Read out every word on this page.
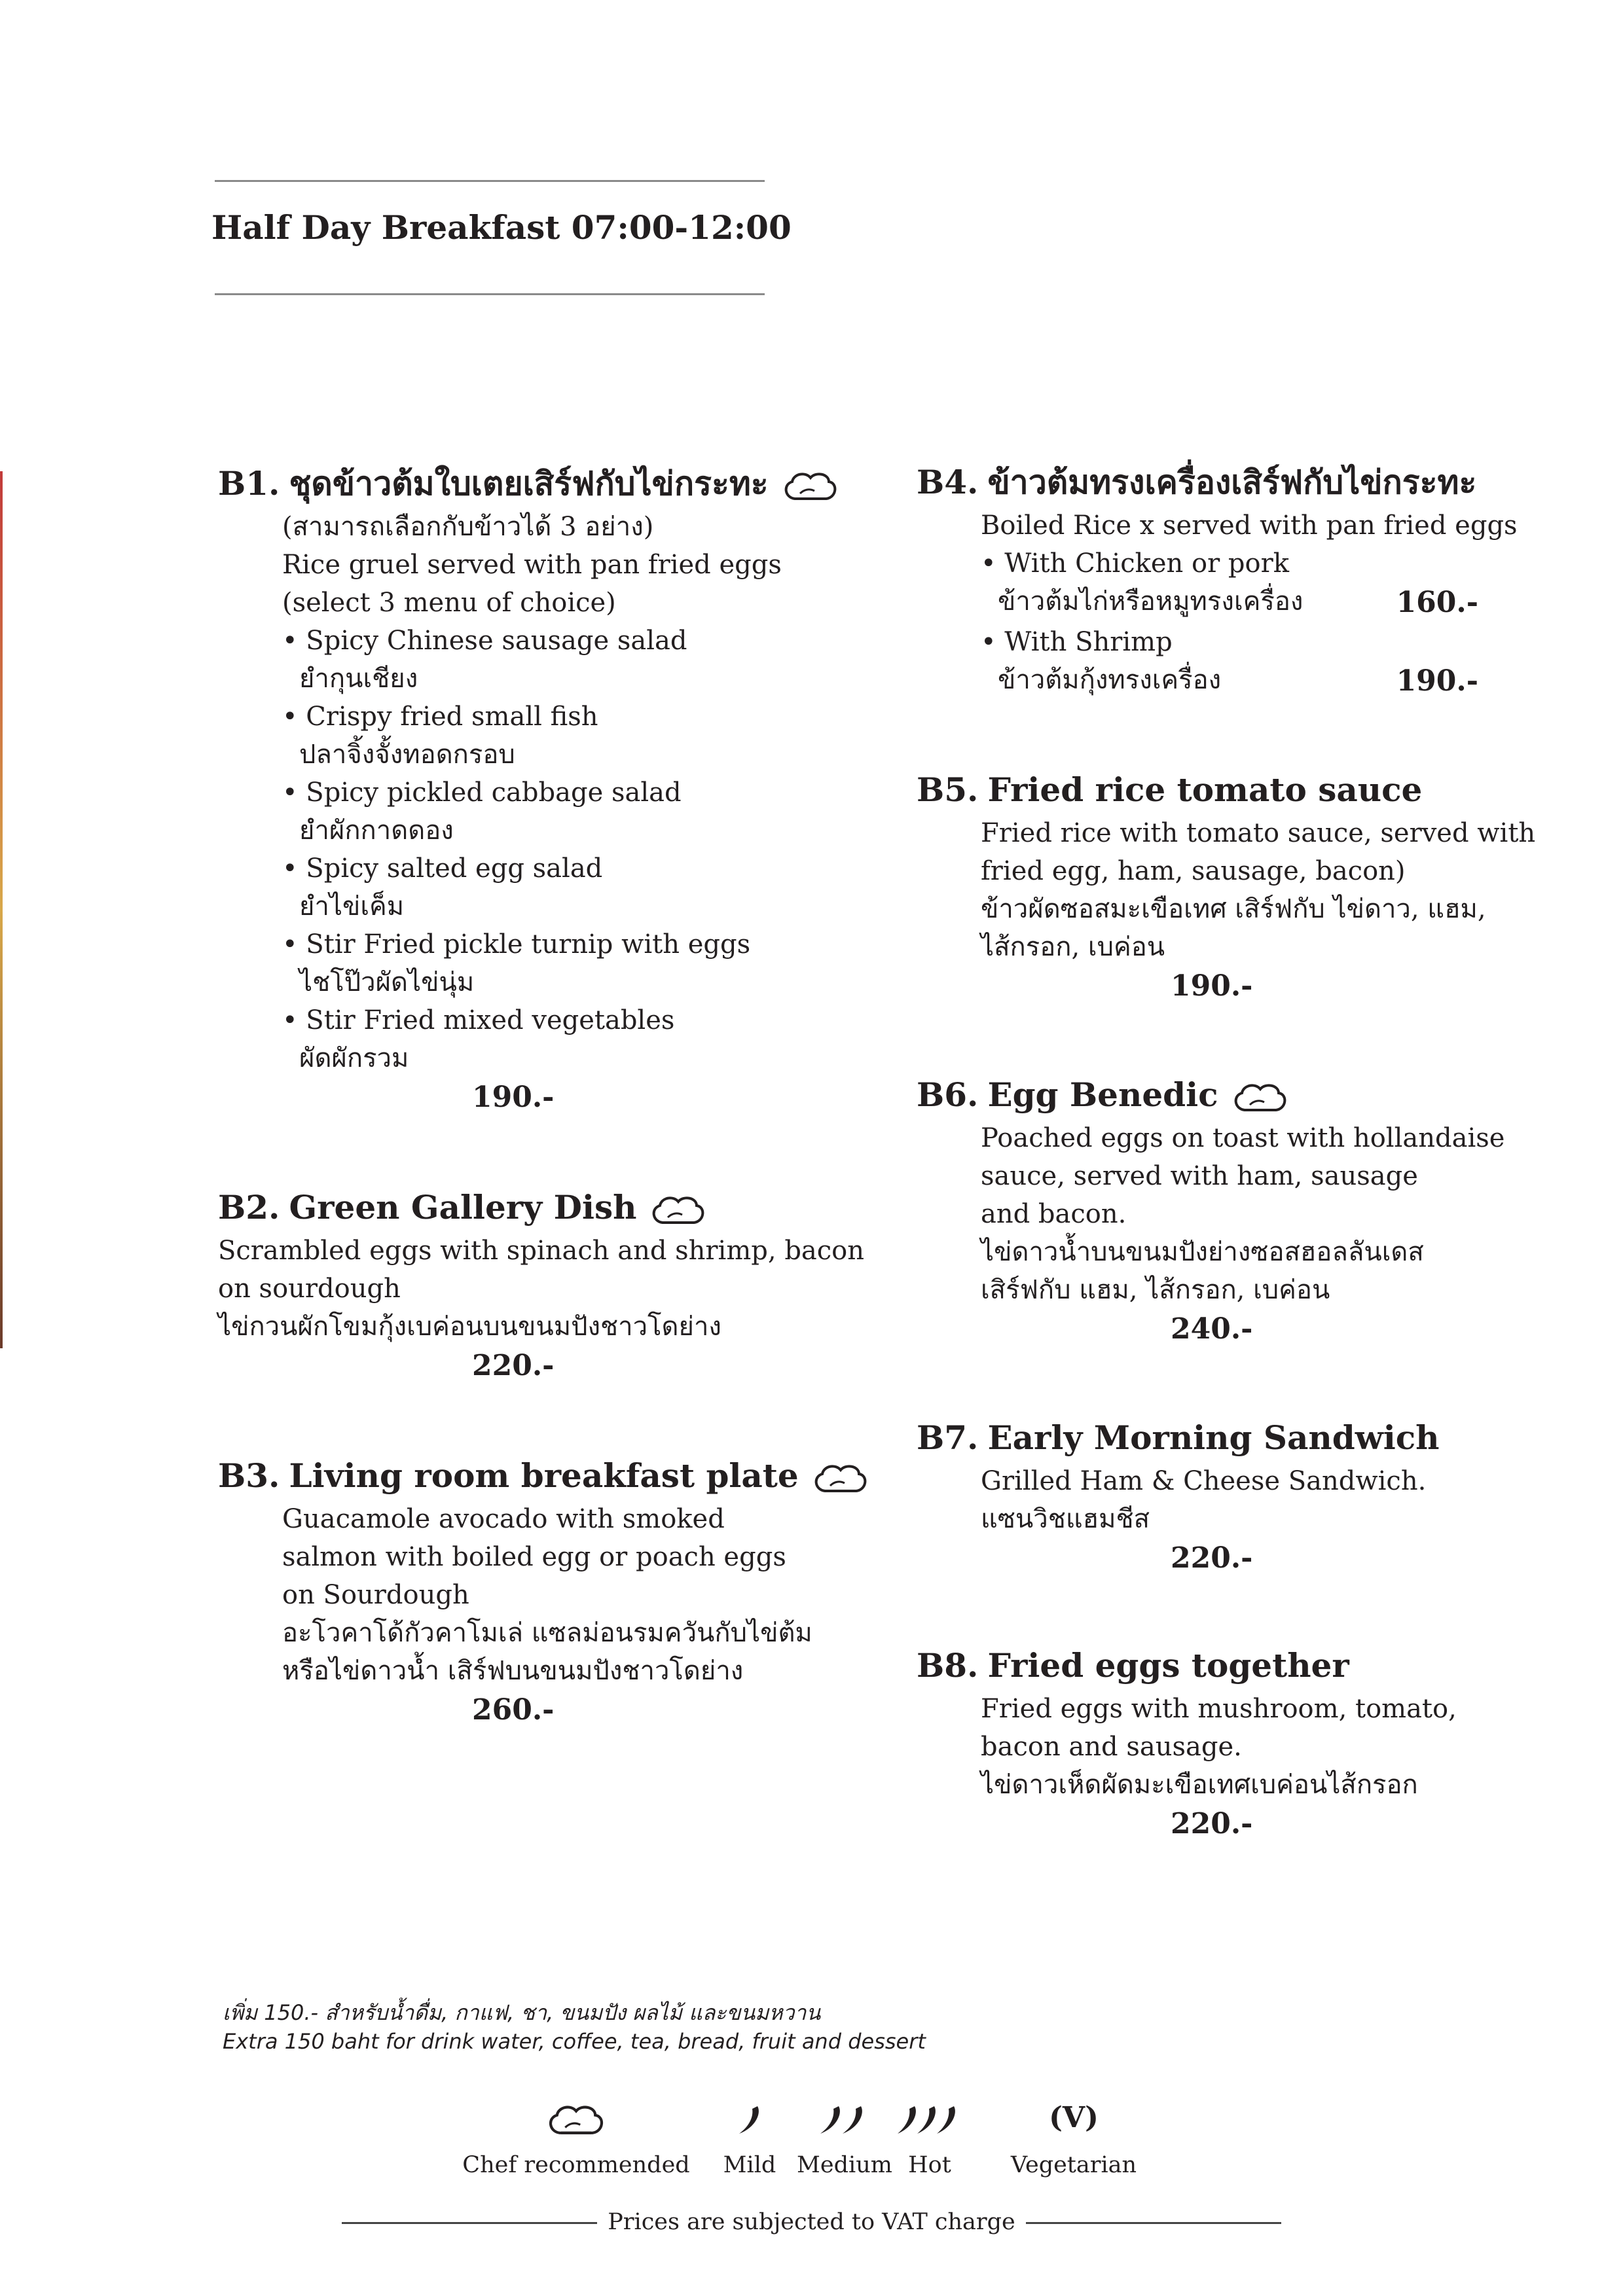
Half Day Breakfast 07:00-12:00
B1. ชุดข้าวต้มใบเตยเสิร์ฟกับไข่กระทะ
(สามารถเลือกกับข้าวได้ 3 อย่าง)
Rice gruel served with pan fried eggs
(select 3 menu of choice)
• Spicy Chinese sausage salad
ยำกุนเชียง
• Crispy fried small fish
ปลาจิ้งจั้งทอดกรอบ
• Spicy pickled cabbage salad
ยำผักกาดดอง
• Spicy salted egg salad
ยำไข่เค็ม
• Stir Fried pickle turnip with eggs
ไชโป๊วผัดไข่นุ่ม
• Stir Fried mixed vegetables
ผัดผักรวม
190.-
B2. Green Gallery Dish
Scrambled eggs with spinach and shrimp, bacon
on sourdough
ไข่กวนผักโขมกุ้งเบค่อนบนขนมปังชาวโดย่าง
220.-
B3. Living room breakfast plate
Guacamole avocado with smoked
salmon with boiled egg or poach eggs
on Sourdough
อะโวคาโด้กัวคาโมเล่ แซลม่อนรมควันกับไข่ต้ม
หรือไข่ดาวน้ำ เสิร์ฟบนขนมปังชาวโดย่าง
260.-
B4. ข้าวต้มทรงเครื่องเสิร์ฟกับไข่กระทะ
Boiled Rice x served with pan fried eggs
• With Chicken or pork
ข้าวต้มไก่หรือหมูทรงเครื่อง	160.-
• With Shrimp
ข้าวต้มกุ้งทรงเครื่อง	190.-
B5. Fried rice tomato sauce
Fried rice with tomato sauce, served with
fried egg, ham, sausage, bacon)
ข้าวผัดซอสมะเขือเทศ เสิร์ฟกับ ไข่ดาว, แฮม,
ไส้กรอก, เบค่อน
190.-
B6. Egg Benedic
Poached eggs on toast with hollandaise
sauce, served with ham, sausage
and bacon.
ไข่ดาวน้ำบนขนมปังย่างซอสฮอลลันเดส
เสิร์ฟกับ แฮม, ไส้กรอก, เบค่อน
240.-
B7. Early Morning Sandwich
Grilled Ham & Cheese Sandwich.
แซนวิชแฮมชีส
220.-
B8. Fried eggs together
Fried eggs with mushroom, tomato,
bacon and sausage.
ไข่ดาวเห็ดผัดมะเขือเทศเบค่อนไส้กรอก
220.-
เพิ่ม 150.- สำหรับน้ำดื่ม, กาแฟ, ชา, ขนมปัง ผลไม้ และขนมหวาน
Extra 150 baht for drink water, coffee, tea, bread, fruit and dessert
Chef recommended Mild Medium Hot
(V)
Vegetarian
Prices are subjected to VAT charge
